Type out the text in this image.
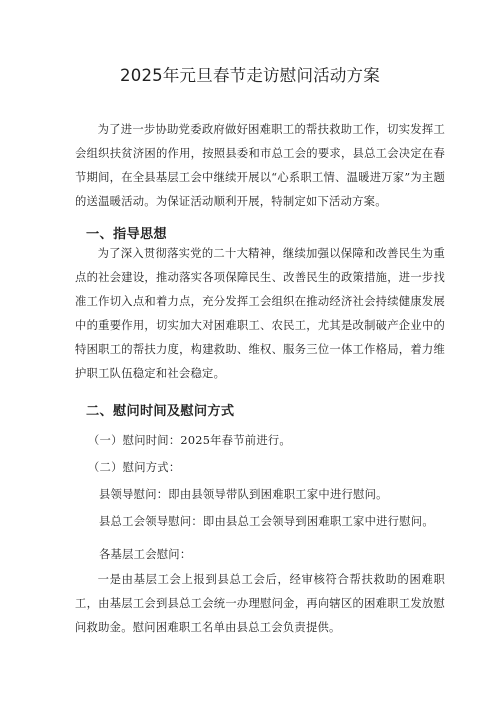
2025年元旦春节走访慰问活动方案
为了进一步协助党委政府做好困难职工的帮扶救助工作，切实发挥工会组织扶贫济困的作用，按照县委和市总工会的要求，县总工会决定在春节期间，在全县基层工会中继续开展以“心系职工情、温暖进万家”为主题的送温暖活动。为保证活动顺利开展，特制定如下活动方案。
一、指导思想
为了深入贯彻落实党的二十大精神，继续加强以保障和改善民生为重点的社会建设，推动落实各项保障民生、改善民生的政策措施，进一步找准工作切入点和着力点，充分发挥工会组织在推动经济社会持续健康发展中的重要作用，切实加大对困难职工、农民工，尤其是改制破产企业中的特困职工的帮扶力度，构建救助、维权、服务三位一体工作格局，着力维护职工队伍稳定和社会稳定。
二、慰问时间及慰问方式
（一）慰问时间：2025年春节前进行。
（二）慰问方式：
县领导慰问：即由县领导带队到困难职工家中进行慰问。
县总工会领导慰问：即由县总工会领导到困难职工家中进行慰问。
各基层工会慰问：
一是由基层工会上报到县总工会后，经审核符合帮扶救助的困难职工，由基层工会到县总工会统一办理慰问金，再向辖区的困难职工发放慰问救助金。慰问困难职工名单由县总工会负责提供。
